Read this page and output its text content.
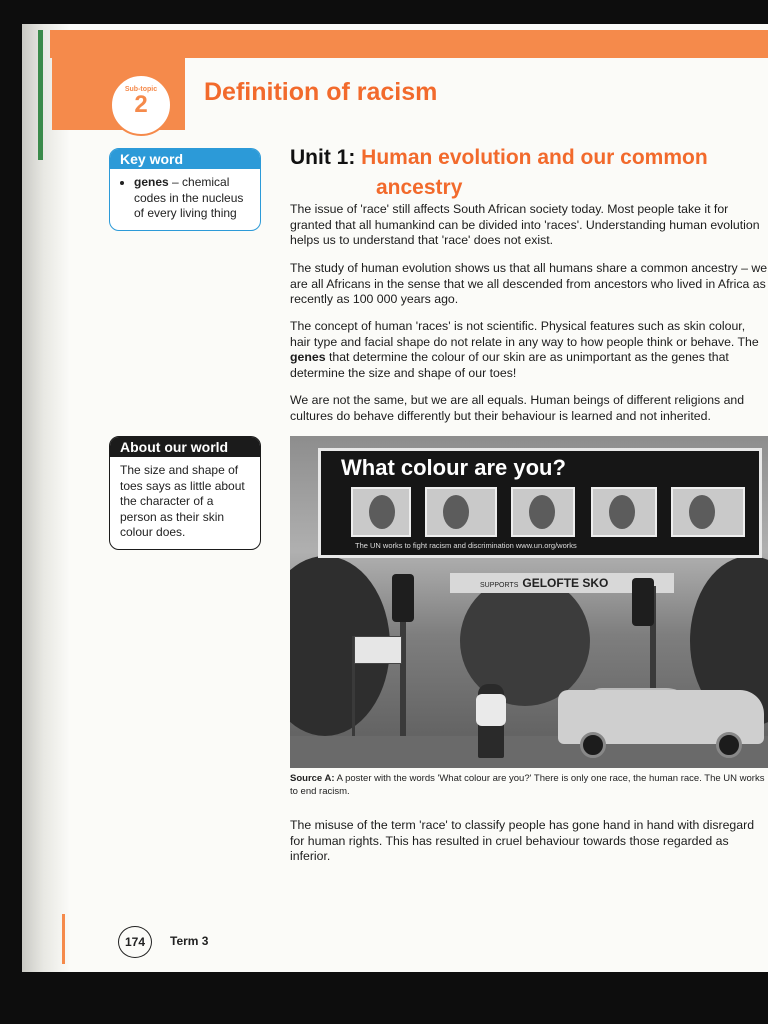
Sub-topic
2	Definition of racism
Key word
• genes – chemical codes in the nucleus of every living thing
About our world
The size and shape of toes says as little about the character of a person as their skin colour does.
Unit 1: Human evolution and our common
ancestry

The issue of 'race' still affects South African society today. Most people take it for granted that all humankind can be divided into 'races'. Understanding human evolution helps us to understand that 'race' does not exist.

The study of human evolution shows us that all humans share a common ancestry – we are all Africans in the sense that we all descended from ancestors who lived in Africa as recently as 100 000 years ago.

The concept of human 'races' is not scientific. Physical features such as skin colour, hair type and facial shape do not relate in any way to how people think or behave. The genes that determine the colour of our skin are as unimportant as the genes that determine the size and shape of our toes!

We are not the same, but we are all equals. Human beings of different religions and cultures do behave differently but their behaviour is learned and not inherited.

What colour are you?
The UN works to fight racism and discrimination www.un.org/works
SUPPORTS GELOFTE SKO

Source A: A poster with the words 'What colour are you?' There is only one race, the human race. The UN works to end racism.

The misuse of the term 'race' to classify people has gone hand in hand with disregard for human rights. This has resulted in cruel behaviour towards those regarded as inferior.

174	Term 3
